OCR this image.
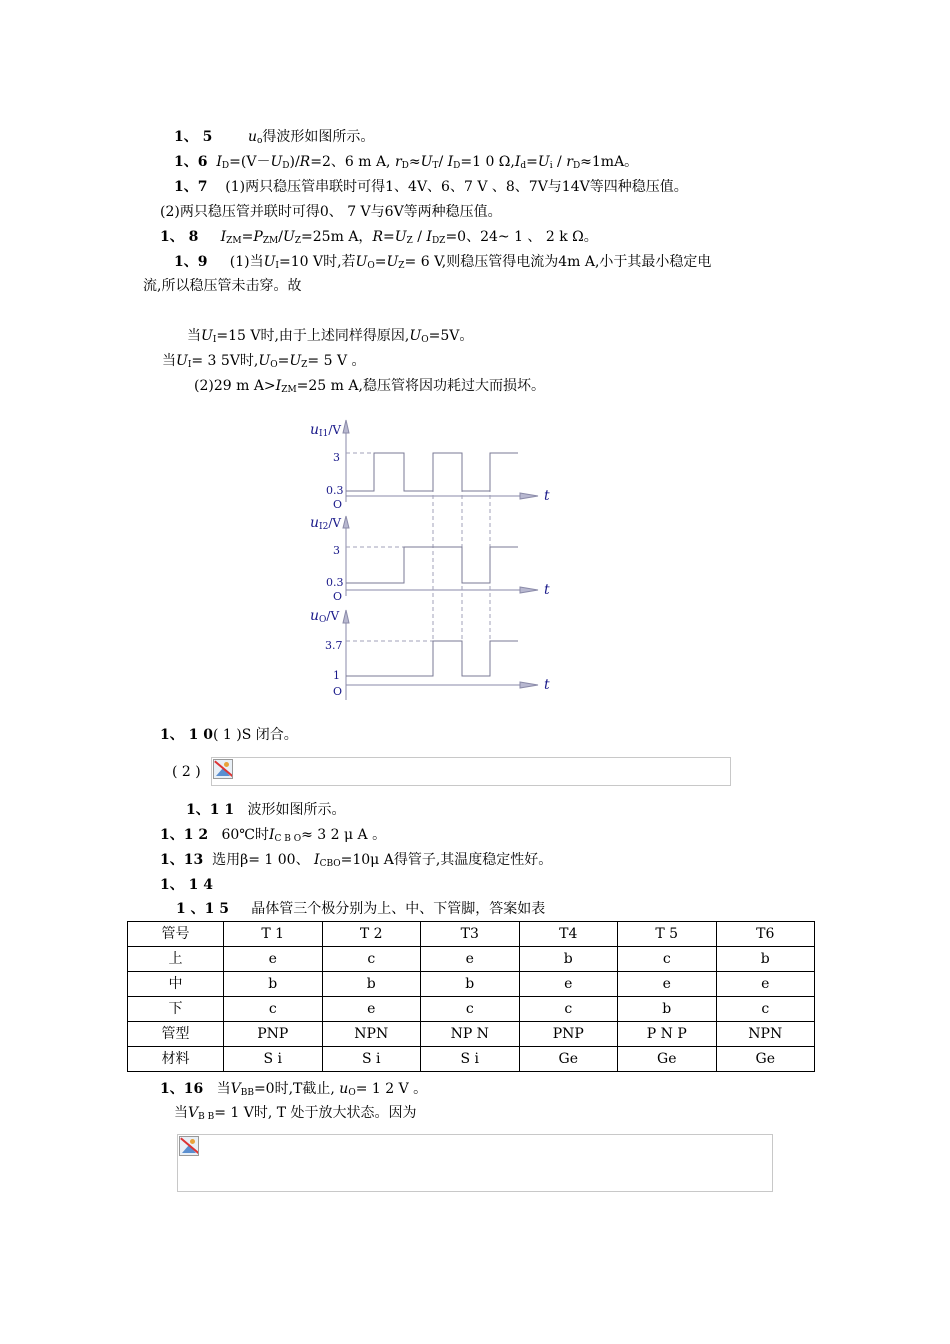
1、 5	$u_o$得波形如图所示。
1、6 $I_D=(V-U_D)/R=2$、6 m A, $r_D\approx U_T/$ $I_D=1$ 0 $\Omega,I_d=U_i / r_D\approx 1mA$。
1、7 (1)两只稳压管串联时可得1、4V、6、7 V 、8、7V与14V等四种稳压值。
(2)两只稳压管并联时可得0、 7 V与6V等两种稳压值。
1、 8 $I_{ZM}=P_{ZM}/U_Z=25m$ A，$R=U_Z / I_{DZ}=0$、24~ 1 、 2 k Ω。
1、9 (1)当$U_I=10$ V时,若$U_O=U_Z= 6$ V,则稳压管得电流为4m A,小于其最小稳定电
流,所以稳压管未击穿。故
当$U_I=15$ V时,由于上述同样得原因$,U_O=5V$。
当$U_I= 3$ 5V时$,U_O=U_Z= 5$ V 。
(2)29 m $A>I_{ZM}=25$ m A,稳压管将因功耗过大而损坏。
$u_{I1}/V$
3
0.3
O
t
$u_{I2}/V$
3
0.3
O	t
$u_O/V$
3.7
1
O	t
1、 1 0( 1 )S 闭合。
( 2 )
1、1 1 波形如图所示。
1、1 2 60℃时$I_{C B O}\approx 3$ 2 μ A 。
1、13 选用β= 1 00、 $I_{CBO}=10\mu$ A得管子,其温度稳定性好。
1、 1 4
1 、1 5 晶体管三个极分别为上、中、下管脚，答案如表
管号	T 1	T 2	T3	T4	T 5	T6
上	e	c	e	b	c	b
中	b	b	b	e	e	e
下	c	e	c	c	b	c
管型	PNP	NPN	NP N	PNP	P N P	NPN
材料	S i	S i	S i	Ge	Ge	Ge
1、16 当$V_{BB}=0$时,T截止, $u_O= 1$ 2 V 。
当$V_{B B}= 1$ V时, T 处于放大状态。因为
